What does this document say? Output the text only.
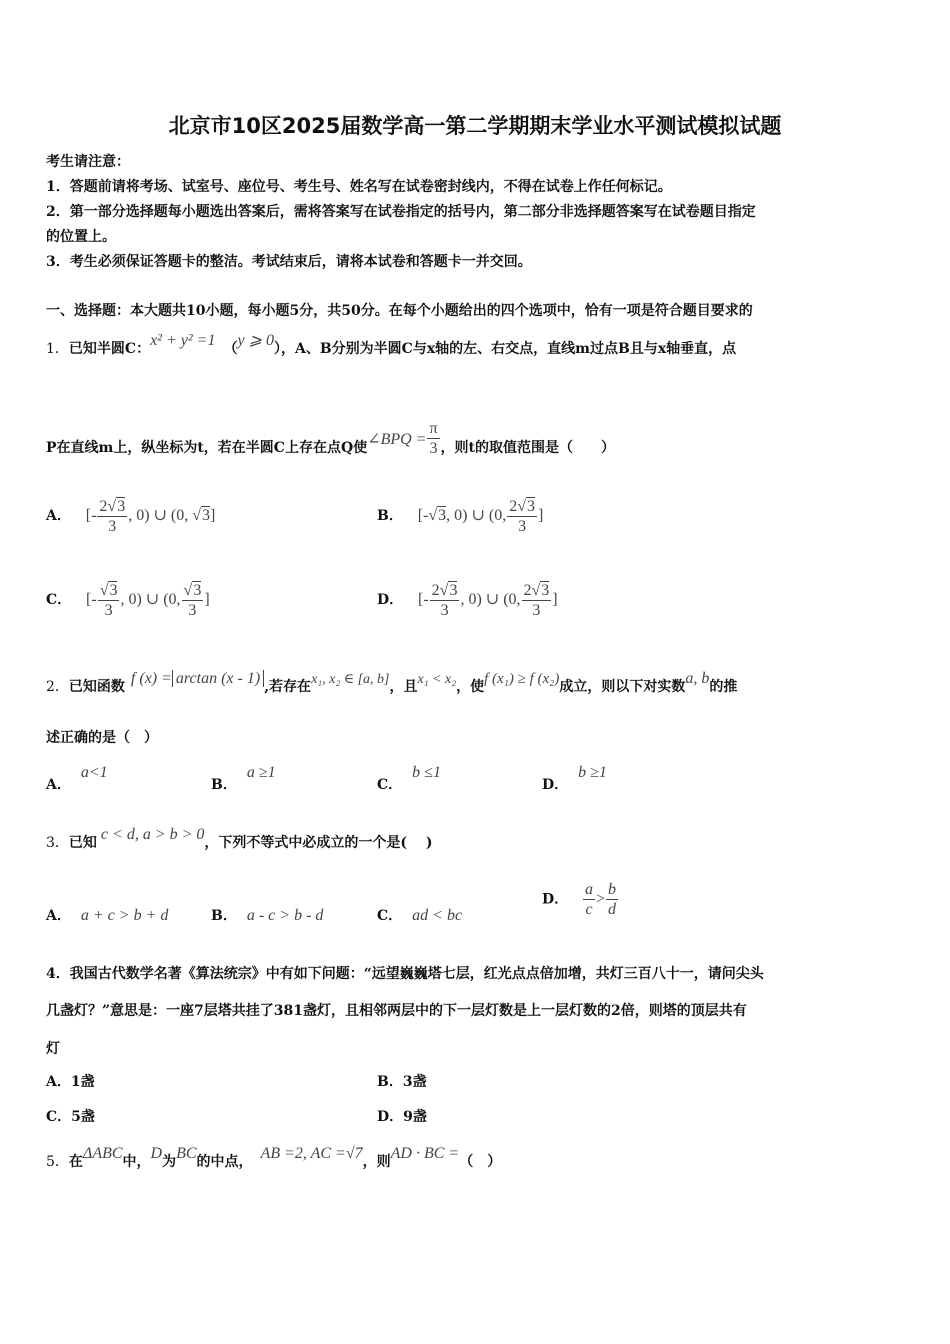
北京市10区2025届数学高一第二学期期末学业水平测试模拟试题
考生请注意：
1．答题前请将考场、试室号、座位号、考生号、姓名写在试卷密封线内，不得在试卷上作任何标记。
2．第一部分选择题每小题选出答案后，需将答案写在试卷指定的括号内，第二部分非选择题答案写在试卷题目指定
的位置上。
3．考生必须保证答题卡的整洁。考试结束后，请将本试卷和答题卡一并交回。
一、选择题：本大题共10小题，每小题5分，共50分。在每个小题给出的四个选项中，恰有一项是符合题目要求的
1．已知半圆C：x² + y² =1 （y ⩾ 0），A、B分别为半圆C与x轴的左、右交点，直线m过点B且与x轴垂直，点
P在直线m上，纵坐标为t，若在半圆C上存在点Q使∠BPQ = $\frac{\pi}{3}$ ，则t的取值范围是（　　）
A． [- $\frac{2 √ 3}{3}$ , 0) ∪ (0, √ 3]	B． [- √ 3, 0) ∪ (0, $\frac{2 √ 3}{3}$ ]
C． [- √ $\frac{3}{3}$ , 0) ∪ (0, √ $\frac{3}{3}$ ]	D． [- $\frac{2 √ 3}{3}$ , 0) ∪ (0, $\frac{2 √ 3}{3}$ ]
2．已知函数 f (x) = arctan (x - 1) ,若存在x₁, x₂ ∈ [a, b]，且x₁ < x₂，使f (x₁) ≥ f (x₂)成立，则以下对实数a, b的推
述正确的是（　）
A．a<1
B．a ≥1
C．b ≤1
D．b ≥1
3．已知 c < d, a > b > 0，下列不等式中必成立的一个是(　 )
A． a + c > b + d	B． a - c > b - d	C． ad < bc
D． $\frac{a}{c} > \frac{b}{d}$
4．我国古代数学名著《算法统宗》中有如下问题：“远望巍巍塔七层，红光点点倍加增，共灯三百八十一，请问尖头
几盏灯？”意思是：一座7层塔共挂了381盏灯，且相邻两层中的下一层灯数是上一层灯数的2倍，则塔的顶层共有
灯
A．1盏	B．3盏
C．5盏	D．9盏
5．在ΔABC中，D为BC的中点， AB =2, AC =√7，则AD · BC =（　）
